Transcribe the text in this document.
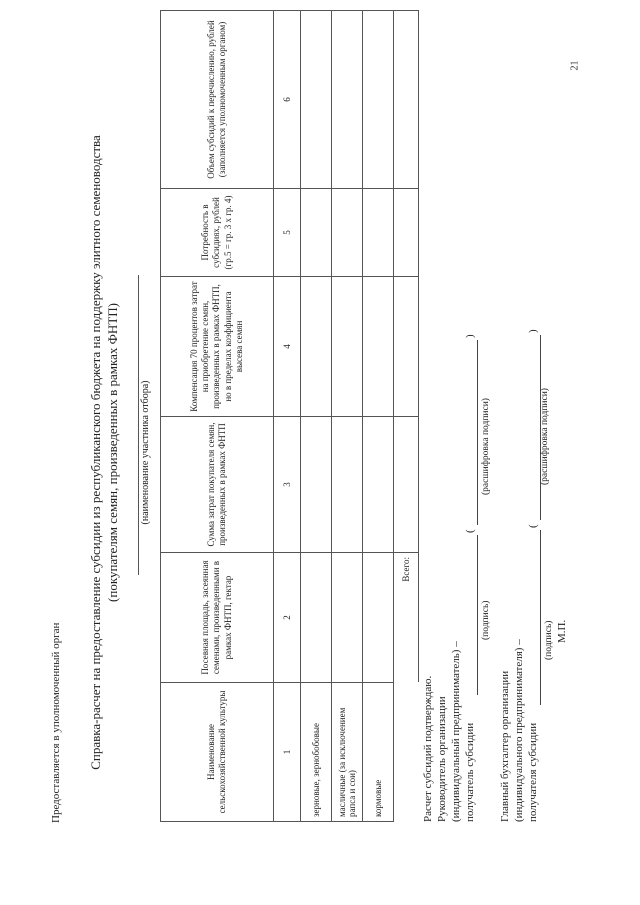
21
Предоставляется в уполномоченный орган Справка-расчет на предоставление субсидии из республиканского бюджета на поддержку элитного семеноводства (покупателям семян, произведенных в рамках ФНТП) (наименование участника отбора)
Наименование сельскохозяйственной культуры	Посевная площадь, засеянная семенами, произведенными в рамках ФНТП, гектар	Сумма затрат покупателя семян, произведенных в рамках ФНТП	Компенсация 70 процентов затрат на приобретение семян, произведенных в рамках ФНТП, но в пределах коэффициента высева семян	Потребность в субсидиях, рублей (гр.5 = гр. 3 х гр. 4)	Объем субсидий к перечислению, рублей (заполняется уполномоченным органом)
1	2	3	4	5	6
зерновые, зернобобовые					
масличные (за исключением рапса и сои)					
кормовые					
	Всего:				
Расчет субсидий подтверждаю. Руководитель организации (индивидуальный предприниматель) – получатель субсидии
(
)
(подпись)
(расшифровка подписи)
Главный бухгалтер организации (индивидуального предпринимателя) – получателя субсидии
(
)
(подпись)
(расшифровка подписи)
М.П.
